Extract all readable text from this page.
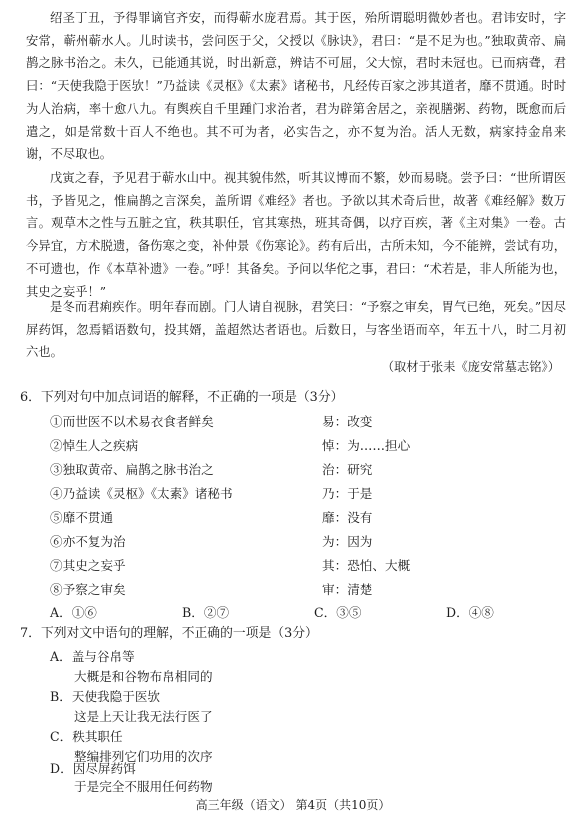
绍圣丁丑，予得罪谪官齐安，而得蕲水庞君焉。其于医，殆所谓聪明微妙者也。君讳安时，字安常，蕲州蕲水人。儿时读书，尝问医于父，父授以《脉诀》，君曰：“是不足为也。”独取黄帝、扁鹊之脉书治之。未久，已能通其说，时出新意，辨诘不可屈，父大惊，君时未冠也。已而病聋，君曰：“天使我隐于医欤！”乃益读《灵枢》《太素》诸秘书，凡经传百家之涉其道者，靡不贯通。时时为人治病，率十愈八九。有舆疾自千里踵门求治者，君为辟第舍居之，亲视膳粥、药物，既愈而后遣之，如是常数十百人不绝也。其不可为者，必实告之，亦不复为治。活人无数，病家持金帛来谢，不尽取也。
戊寅之春，予见君于蕲水山中。视其貌伟然，听其议博而不繁，妙而易晓。尝予曰：“世所谓医书，予皆见之，惟扁鹊之言深矣，盖所谓《难经》者也。予欲以其术奇后世，故著《难经解》数万言。观草木之性与五脏之宜，秩其职任，官其寒热，班其奇偶，以疗百疾，著《主对集》一卷。古今异宜，方术脱遗，备伤寒之变，补仲景《伤寒论》。药有后出，古所未知，今不能辨，尝试有功，不可遗也，作《本草补遗》一卷。”呼！其备矣。予问以华佗之事，君曰：“术若是，非人所能为也，其史之妄乎！”
是冬而君痢疾作。明年春而剧。门人请自视脉，君笑曰：“予察之审矣，胃气已绝，死矣。”因尽屏药饵，忽焉韬语数句，投其婿，盖超然达者语也。后数日，与客坐语而卒，年五十八，时二月初六也。
（取材于张耒《庞安常墓志铭》）
6．下列对句中加点词语的解释，不正确的一项是（3分）
①而世医不以术易衣食者鲜矣	易：改变
②悼生人之疾病	悼：为……担心
③独取黄帝、扁鹊之脉书治之	治：研究
④乃益读《灵枢》《太素》诸秘书	乃：于是
⑤靡不贯通	靡：没有
⑥亦不复为治	为：因为
⑦其史之妄乎	其：恐怕、大概
⑧予察之审矣	审：清楚
A．①⑥	B．②⑦	C．③⑤	D．④⑧
7．下列对文中语句的理解，不正确的一项是（3分）
A．盖与谷帛等
大概是和谷物布帛相同的
B．天使我隐于医欤
这是上天让我无法行医了
C．秩其职任
整编排列它们功用的次序
D．因尽屏药饵
于是完全不服用任何药物
高三年级（语文） 第4页（共10页）
